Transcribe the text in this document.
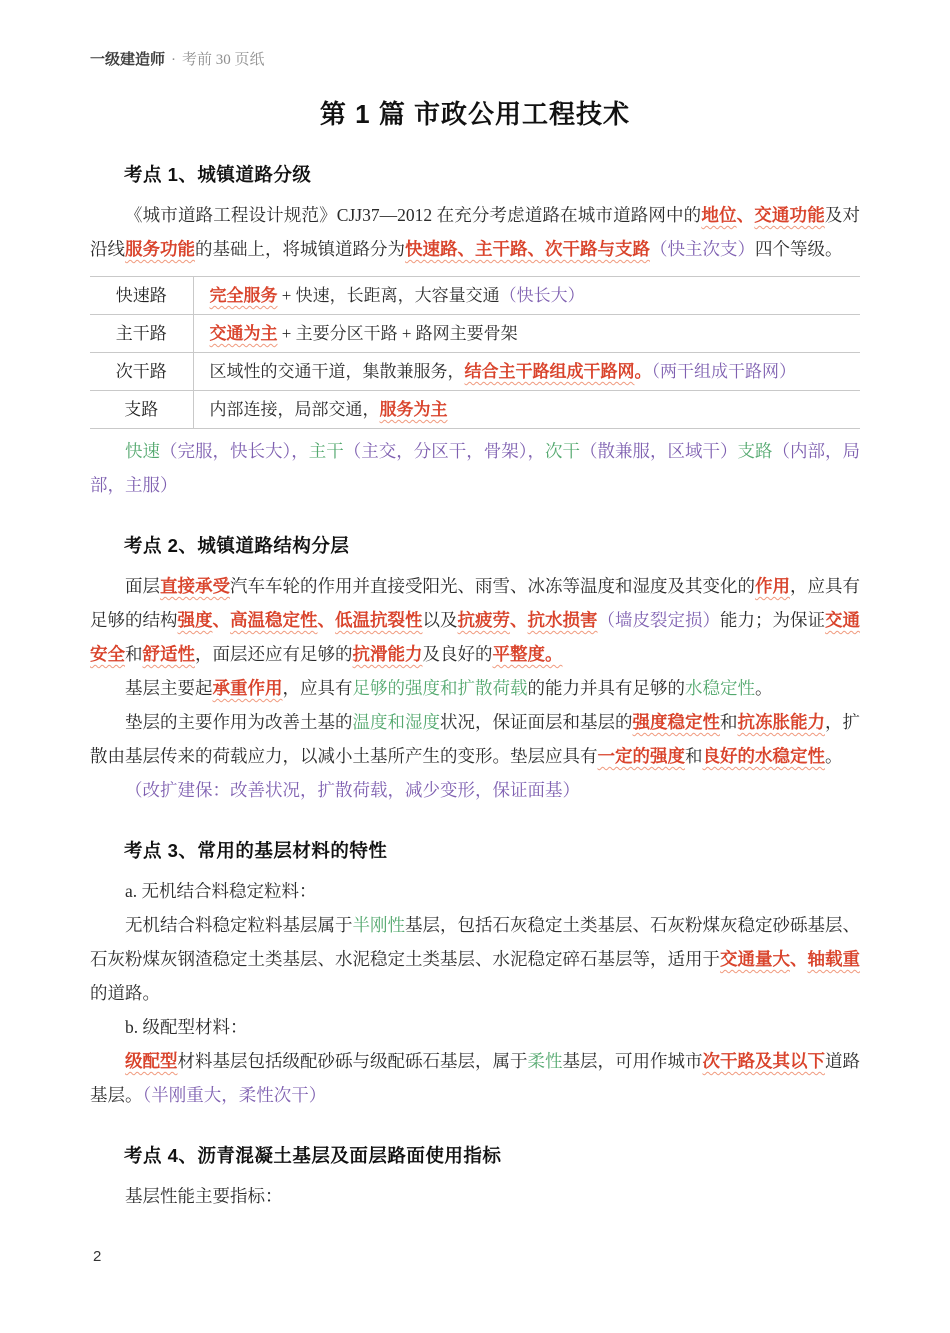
一级建造师 · 考前 30 页纸
第 1 篇 市政公用工程技术
考点 1、城镇道路分级

《城市道路工程设计规范》CJJ37—2012 在充分考虑道路在城市道路网中的地位、交通功能及对沿线服务功能的基础上，将城镇道路分为快速路、主干路、次干路与支路（快主次支）四个等级。

快速路	完全服务 + 快速，长距离，大容量交通（快长大）
主干路	交通为主 + 主要分区干路 + 路网主要骨架
次干路	区域性的交通干道，集散兼服务，结合主干路组成干路网。（两干组成干路网）
支路	内部连接，局部交通，服务为主

快速（完服，快长大），主干（主交，分区干，骨架），次干（散兼服，区域干）支路（内部，局部，主服）

考点 2、城镇道路结构分层

面层直接承受汽车车轮的作用并直接受阳光、雨雪、冰冻等温度和湿度及其变化的作用，应具有足够的结构强度、高温稳定性、低温抗裂性以及抗疲劳、抗水损害（墙皮裂定损）能力；为保证交通安全和舒适性，面层还应有足够的抗滑能力及良好的平整度。

基层主要起承重作用，应具有足够的强度和扩散荷载的能力并具有足够的水稳定性。

垫层的主要作用为改善土基的温度和湿度状况，保证面层和基层的强度稳定性和抗冻胀能力，扩散由基层传来的荷载应力，以减小土基所产生的变形。垫层应具有一定的强度和良好的水稳定性。

（改扩建保：改善状况，扩散荷载，减少变形，保证面基）

考点 3、常用的基层材料的特性

a. 无机结合料稳定粒料：

无机结合料稳定粒料基层属于半刚性基层，包括石灰稳定土类基层、石灰粉煤灰稳定砂砾基层、石灰粉煤灰钢渣稳定土类基层、水泥稳定土类基层、水泥稳定碎石基层等，适用于交通量大、轴载重的道路。

b. 级配型材料：

级配型材料基层包括级配砂砾与级配砾石基层，属于柔性基层，可用作城市次干路及其以下道路基层。（半刚重大，柔性次干）

考点 4、沥青混凝土基层及面层路面使用指标

基层性能主要指标：

2
